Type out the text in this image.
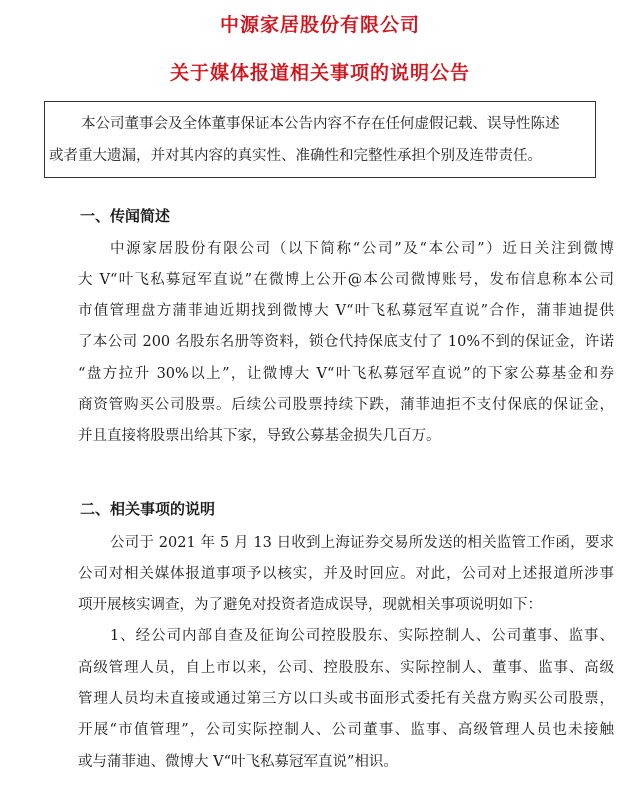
中源家居股份有限公司
关于媒体报道相关事项的说明公告

本公司董事会及全体董事保证本公告内容不存在任何虚假记载、误导性陈述

或者重大遗漏，并对其内容的真实性、准确性和完整性承担个别及连带责任。

一、传闻简述
中源家居股份有限公司（以下简称“公司”及“本公司”）近日关注到微博
大 V“叶飞私募冠军直说”在微博上公开@本公司微博账号，发布信息称本公司
市值管理盘方蒲菲迪近期找到微博大 V“叶飞私募冠军直说”合作，蒲菲迪提供
了本公司 200 名股东名册等资料，锁仓代持保底支付了 10%不到的保证金，许诺
“盘方拉升 30%以上”，让微博大 V“叶飞私募冠军直说”的下家公募基金和券
商资管购买公司股票。后续公司股票持续下跌，蒲菲迪拒不支付保底的保证金，
并且直接将股票出给其下家，导致公募基金损失几百万。
二、相关事项的说明
公司于 2021 年 5 月 13 日收到上海证券交易所发送的相关监管工作函，要求
公司对相关媒体报道事项予以核实，并及时回应。对此，公司对上述报道所涉事
项开展核实调查，为了避免对投资者造成误导，现就相关事项说明如下：
1、经公司内部自查及征询公司控股股东、实际控制人、公司董事、监事、
高级管理人员，自上市以来，公司、控股股东、实际控制人、董事、监事、高级
管理人员均未直接或通过第三方以口头或书面形式委托有关盘方购买公司股票，
开展“市值管理”，公司实际控制人、公司董事、监事、高级管理人员也未接触
或与蒲菲迪、微博大 V“叶飞私募冠军直说”相识。
